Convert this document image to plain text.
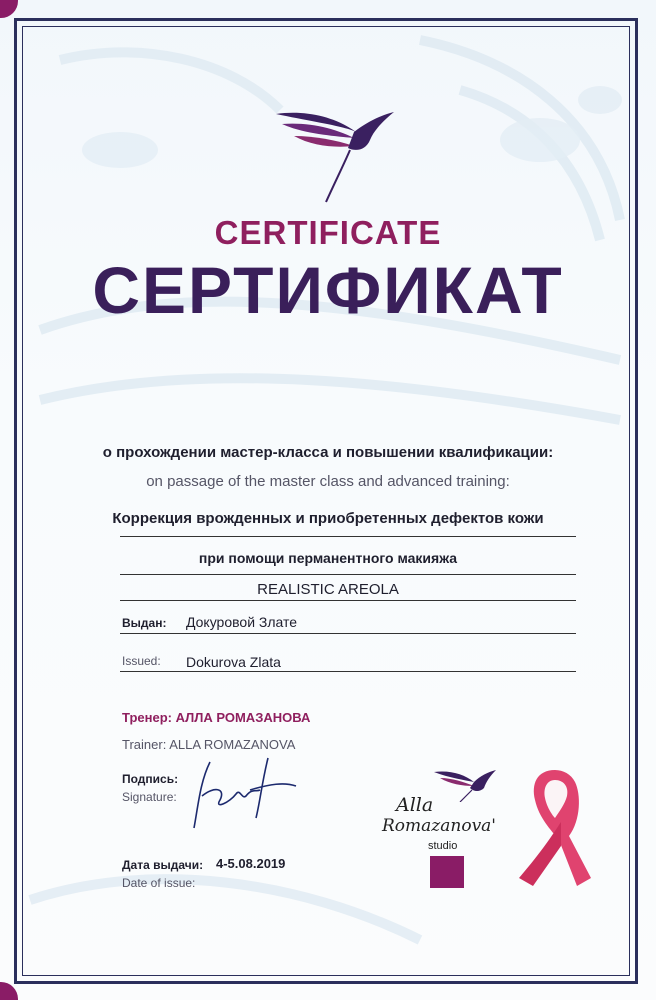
CERTIFICATE
СЕРТИФИКАТ
о прохождении мастер-класса и повышении квалификации:
on passage of the master class and advanced training:
Коррекция врожденных и приобретенных дефектов кожи
при помощи перманентного макияжа
REALISTIC AREOLA
Выдан: Докуровой Злате
Issued: Dokurova Zlata
Тренер: АЛЛА РОМАЗАНОВА
Trainer: ALLA ROMAZANOVA
Подпись:
Signature:
Дата выдачи: 4-5.08.2019
Date of issue:
Alla
Romazanova'
studio
